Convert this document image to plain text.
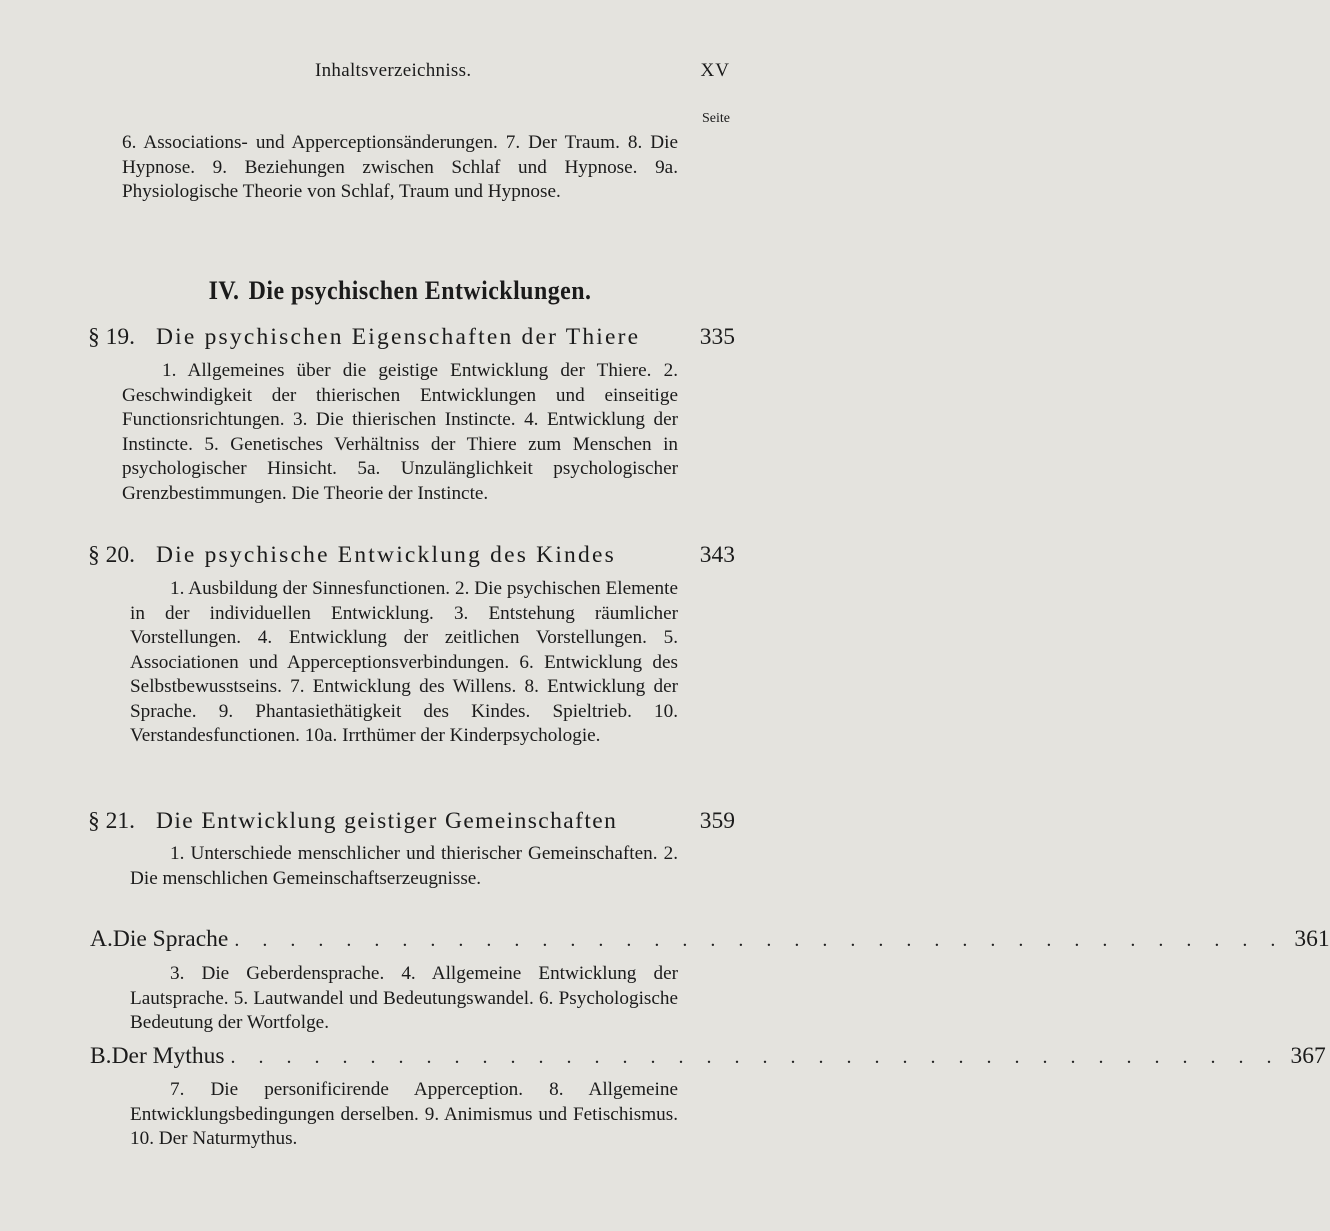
Inhaltsverzeichniss.	XV
Seite
6. Associations- und Apperceptionsänderungen. 7. Der Traum. 8. Die Hypnose. 9. Beziehungen zwischen Schlaf und Hypnose. 9a. Physiologische Theorie von Schlaf, Traum und Hypnose.
IV. Die psychischen Entwicklungen.
§ 19. Die psychischen Eigenschaften der Thiere	335
1. Allgemeines über die geistige Entwicklung der Thiere. 2. Geschwindigkeit der thierischen Entwicklungen und einseitige Functionsrichtungen. 3. Die thierischen Instincte. 4. Entwicklung der Instincte. 5. Genetisches Verhältniss der Thiere zum Menschen in psychologischer Hinsicht. 5a. Unzulänglichkeit psychologischer Grenzbestimmungen. Die Theorie der Instincte.
§ 20. Die psychische Entwicklung des Kindes	343
1. Ausbildung der Sinnesfunctionen. 2. Die psychischen Elemente in der individuellen Entwicklung. 3. Entstehung räumlicher Vorstellungen. 4. Entwicklung der zeitlichen Vorstellungen. 5. Associationen und Apperceptionsverbindungen. 6. Entwicklung des Selbstbewusstseins. 7. Entwicklung des Willens. 8. Entwicklung der Sprache. 9. Phantasiethätigkeit des Kindes. Spieltrieb. 10. Verstandesfunctionen. 10a. Irrthümer der Kinderpsychologie.
§ 21. Die Entwicklung geistiger Gemeinschaften	359
1. Unterschiede menschlicher und thierischer Gemeinschaften. 2. Die menschlichen Gemeinschaftserzeugnisse.
A. Die Sprache . . . . . . . . . . . . . . . . . . . . . . . . . . . . . . . . . . . . . . 361
3. Die Geberdensprache. 4. Allgemeine Entwicklung der Lautsprache. 5. Lautwandel und Bedeutungswandel. 6. Psychologische Bedeutung der Wortfolge.
B. Der Mythus . . . . . . . . . . . . . . . . . . . . . . . . . . . . . . . . . . . . . . 367
7. Die personificirende Apperception. 8. Allgemeine Entwicklungsbedingungen derselben. 9. Animismus und Fetischismus. 10. Der Naturmythus.
